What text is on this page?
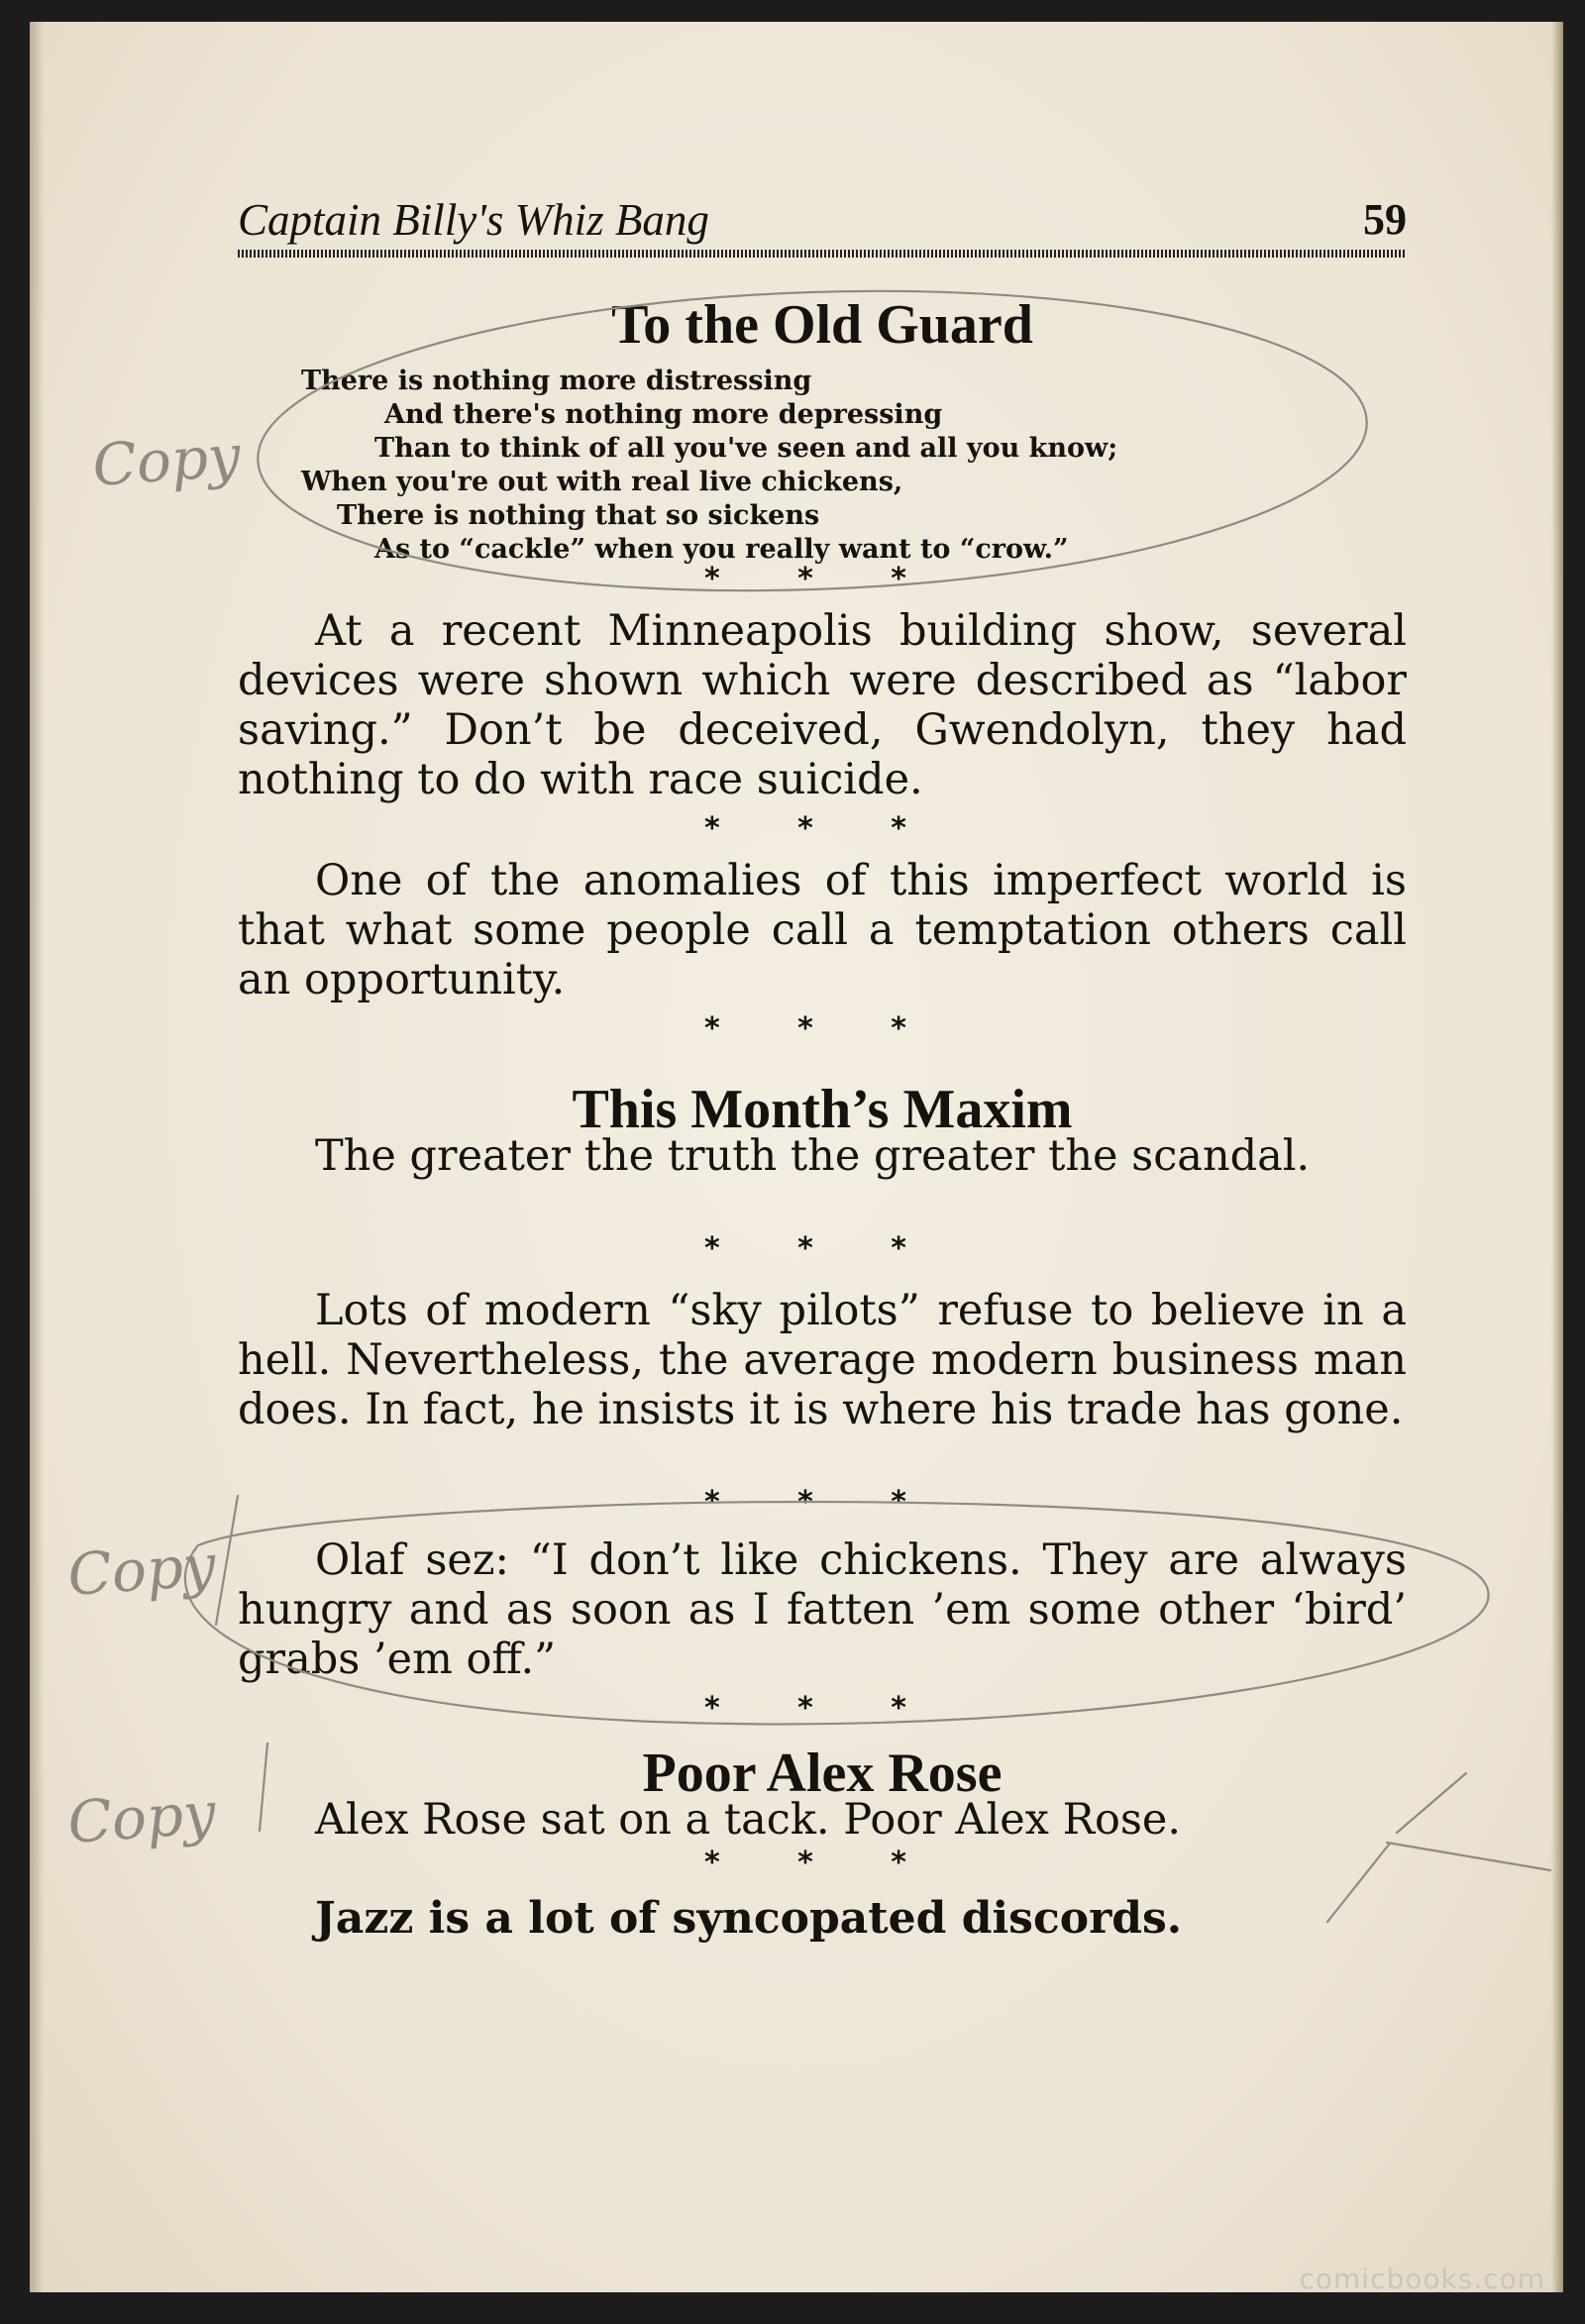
Captain Billy's Whiz Bang	59
To the Old Guard
There is nothing more distressing
And there's nothing more depressing
Than to think of all you've seen and all you know;
When you're out with real live chickens,
There is nothing that so sickens
As to “cackle” when you really want to “crow.”
* * *

At a recent Minneapolis building show, several devices were shown which were described as “labor saving.” Don’t be deceived, Gwendolyn, they had nothing to do with race suicide.

* * *

One of the anomalies of this imperfect world is that what some people call a temptation others call an opportunity.

* * *
This Month’s Maxim

The greater the truth the greater the scandal.

* * *

Lots of modern “sky pilots” refuse to believe in a hell. Nevertheless, the average modern business man does. In fact, he insists it is where his trade has gone.

* * *

Olaf sez: “I don’t like chickens. They are always hungry and as soon as I fatten ’em some other ‘bird’ grabs ’em off.”

* * *
Poor Alex Rose

Alex Rose sat on a tack. Poor Alex Rose.

* * *

Jazz is a lot of syncopated discords.

Copy
Copy
Copy
comicbooks.com
